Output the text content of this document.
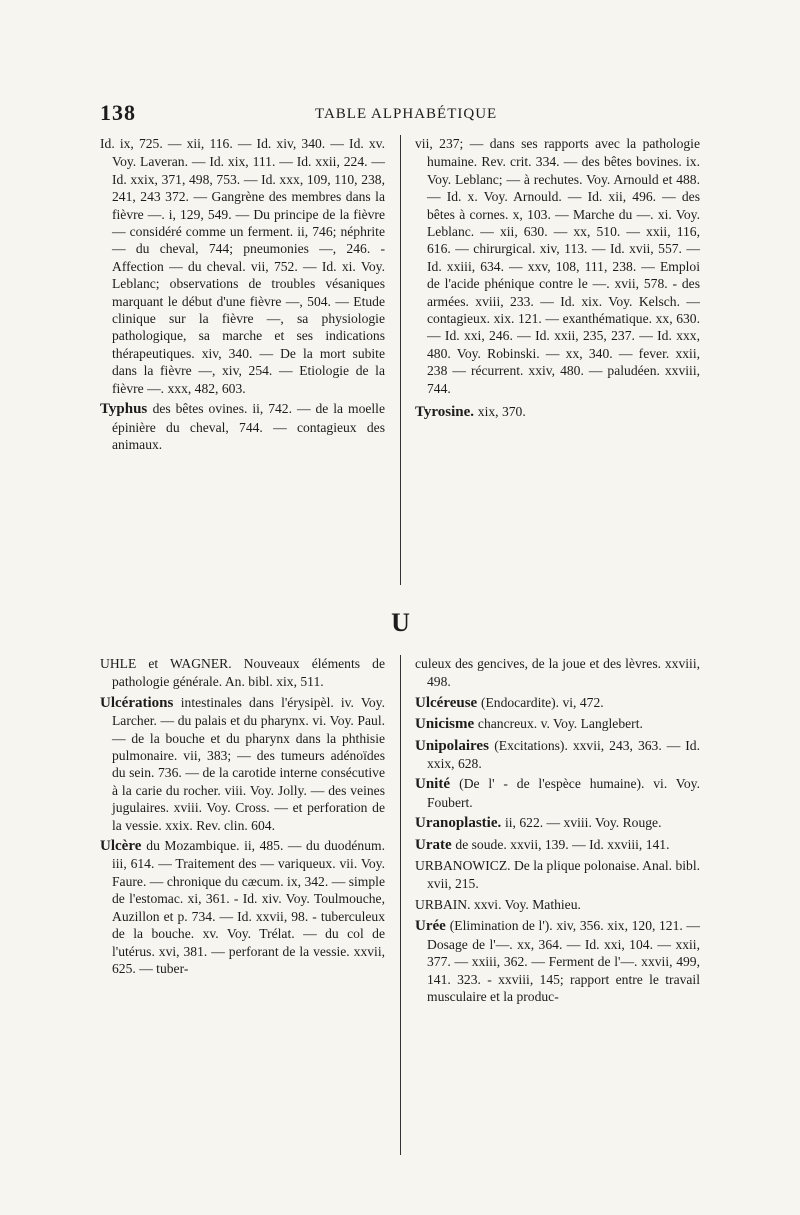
138	TABLE ALPHABÉTIQUE

Id. ix, 725. — xii, 116. — Id. xiv, 340. — Id. xv. Voy. Laveran. — Id. xix, 111. — Id. xxii, 224. — Id. xxix, 371, 498, 753. — Id. xxx, 109, 110, 238, 241, 243 372. — Gangrène des membres dans la fièvre —. i, 129, 549. — Du principe de la fièvre — considéré comme un ferment. ii, 746; néphrite — du cheval, 744; pneumonies —, 246. - Affection — du cheval. vii, 752. — Id. xi. Voy. Leblanc; observations de troubles vésaniques marquant le début d'une fièvre —, 504. — Etude clinique sur la fièvre —, sa physiologie pathologique, sa marche et ses indications thérapeutiques. xiv, 340. — De la mort subite dans la fièvre —, xiv, 254. — Etiologie de la fièvre —. xxx, 482, 603.

Typhus des bêtes ovines. ii, 742. — de la moelle épinière du cheval, 744. — contagieux des animaux.

vii, 237; — dans ses rapports avec la pathologie humaine. Rev. crit. 334. — des bêtes bovines. ix. Voy. Leblanc; — à rechutes. Voy. Arnould et 488. — Id. x. Voy. Arnould. — Id. xii, 496. — des bêtes à cornes. x, 103. — Marche du —. xi. Voy. Leblanc. — xii, 630. — xx, 510. — xxii, 116, 616. — chirurgical. xiv, 113. — Id. xvii, 557. — Id. xxiii, 634. — xxv, 108, 111, 238. — Emploi de l'acide phénique contre le —. xvii, 578. - des armées. xviii, 233. — Id. xix. Voy. Kelsch. — contagieux. xix. 121. — exanthématique. xx, 630. — Id. xxi, 246. — Id. xxii, 235, 237. — Id. xxx, 480. Voy. Robinski. — xx, 340. — fever. xxii, 238 — récurrent. xxiv, 480. — paludéen. xxviii, 744.

Tyrosine. xix, 370.

U

UHLE et WAGNER. Nouveaux éléments de pathologie générale. An. bibl. xix, 511.

Ulcérations intestinales dans l'érysipèl. iv. Voy. Larcher. — du palais et du pharynx. vi. Voy. Paul. — de la bouche et du pharynx dans la phthisie pulmonaire. vii, 383; — des tumeurs adénoïdes du sein. 736. — de la carotide interne consécutive à la carie du rocher. viii. Voy. Jolly. — des veines jugulaires. xviii. Voy. Cross. — et perforation de la vessie. xxix. Rev. clin. 604.

Ulcère du Mozambique. ii, 485. — du duodénum. iii, 614. — Traitement des — variqueux. vii. Voy. Faure. — chronique du cæcum. ix, 342. — simple de l'estomac. xi, 361. - Id. xiv. Voy. Toulmouche, Auzillon et p. 734. — Id. xxvii, 98. - tuberculeux de la bouche. xv. Voy. Trélat. — du col de l'utérus. xvi, 381. — perforant de la vessie. xxvii, 625. — tuber-

culeux des gencives, de la joue et des lèvres. xxviii, 498.

Ulcéreuse (Endocardite). vi, 472.

Unicisme chancreux. v. Voy. Langlebert.

Unipolaires (Excitations). xxvii, 243, 363. — Id. xxix, 628.

Unité (De l' - de l'espèce humaine). vi. Voy. Foubert.

Uranoplastie. ii, 622. — xviii. Voy. Rouge.

Urate de soude. xxvii, 139. — Id. xxviii, 141.

URBANOWICZ. De la plique polonaise. Anal. bibl. xvii, 215.

URBAIN. xxvi. Voy. Mathieu.

Urée (Elimination de l'). xiv, 356. xix, 120, 121. — Dosage de l'—. xx, 364. — Id. xxi, 104. — xxii, 377. — xxiii, 362. — Ferment de l'—. xxvii, 499, 141. 323. - xxviii, 145; rapport entre le travail musculaire et la produc-
